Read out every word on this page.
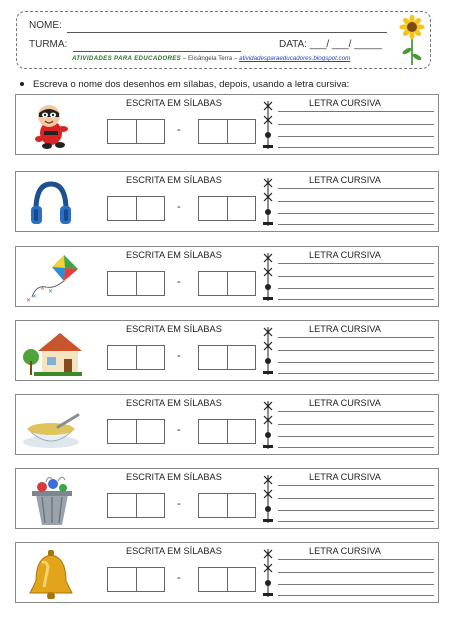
NOME:
TURMA:	DATA: ___/ ___/ _____
ATIVIDADES PARA EDUCADORES – Elisângela Terra – atividadesparaeducadores.blogspot.com
Escreva o nome dos desenhos em sílabas, depois, usando a letra cursiva:
ESCRITA EM SÍLABAS	LETRA CURSIVA
-
ESCRITA EM SÍLABAS	LETRA CURSIVA
-
✕
✕
✕
✕
ESCRITA EM SÍLABAS	LETRA CURSIVA
-
ESCRITA EM SÍLABAS	LETRA CURSIVA
-
ESCRITA EM SÍLABAS	LETRA CURSIVA
-
ESCRITA EM SÍLABAS	LETRA CURSIVA
-
ESCRITA EM SÍLABAS	LETRA CURSIVA
-
